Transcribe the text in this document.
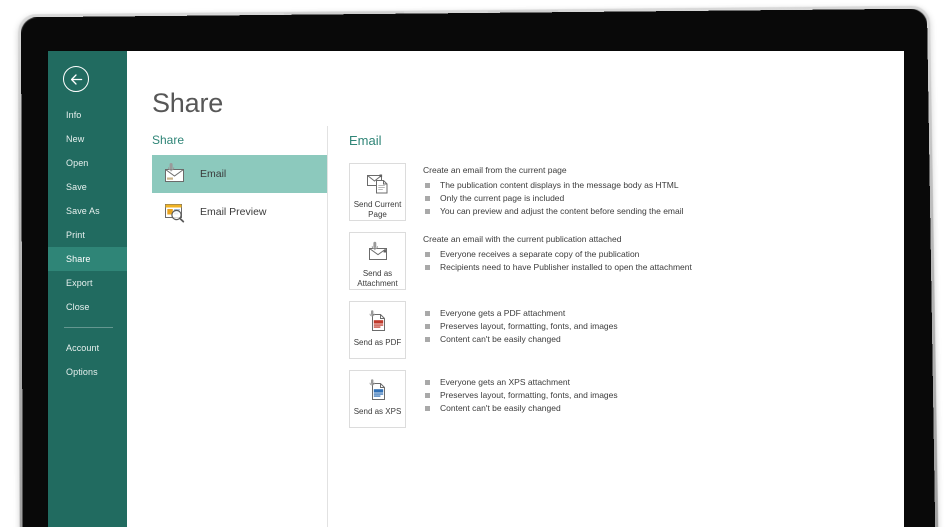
Info
New
Open
Save
Save As
Print
Share
Export
Close
Account
Options
Share
Share
Email
Email Preview
Email
Send Current Page
Create an email from the current page
The publication content displays in the message body as HTML
Only the current page is included
You can preview and adjust the content before sending the email
Send as Attachment
Create an email with the current publication attached
Everyone receives a separate copy of the publication
Recipients need to have Publisher installed to open the attachment
Send as PDF
Everyone gets a PDF attachment
Preserves layout, formatting, fonts, and images
Content can't be easily changed
Send as XPS
Everyone gets an XPS attachment
Preserves layout, formatting, fonts, and images
Content can't be easily changed
